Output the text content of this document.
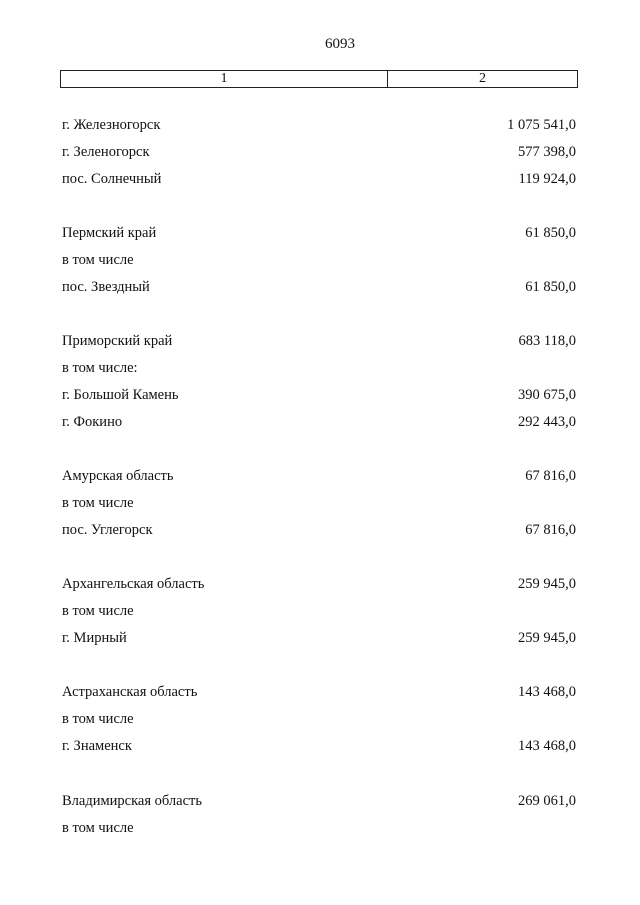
6093
1	2
г. Железногорск	1 075 541,0
г. Зеленогорск	577 398,0
пос. Солнечный	119 924,0
Пермский край	61 850,0
в том числе
пос. Звездный	61 850,0
Приморский край	683 118,0
в том числе:
г. Большой Камень	390 675,0
г. Фокино	292 443,0
Амурская область	67 816,0
в том числе
пос. Углегорск	67 816,0
Архангельская область	259 945,0
в том числе
г. Мирный	259 945,0
Астраханская область	143 468,0
в том числе
г. Знаменск	143 468,0
Владимирская область	269 061,0
в том числе
